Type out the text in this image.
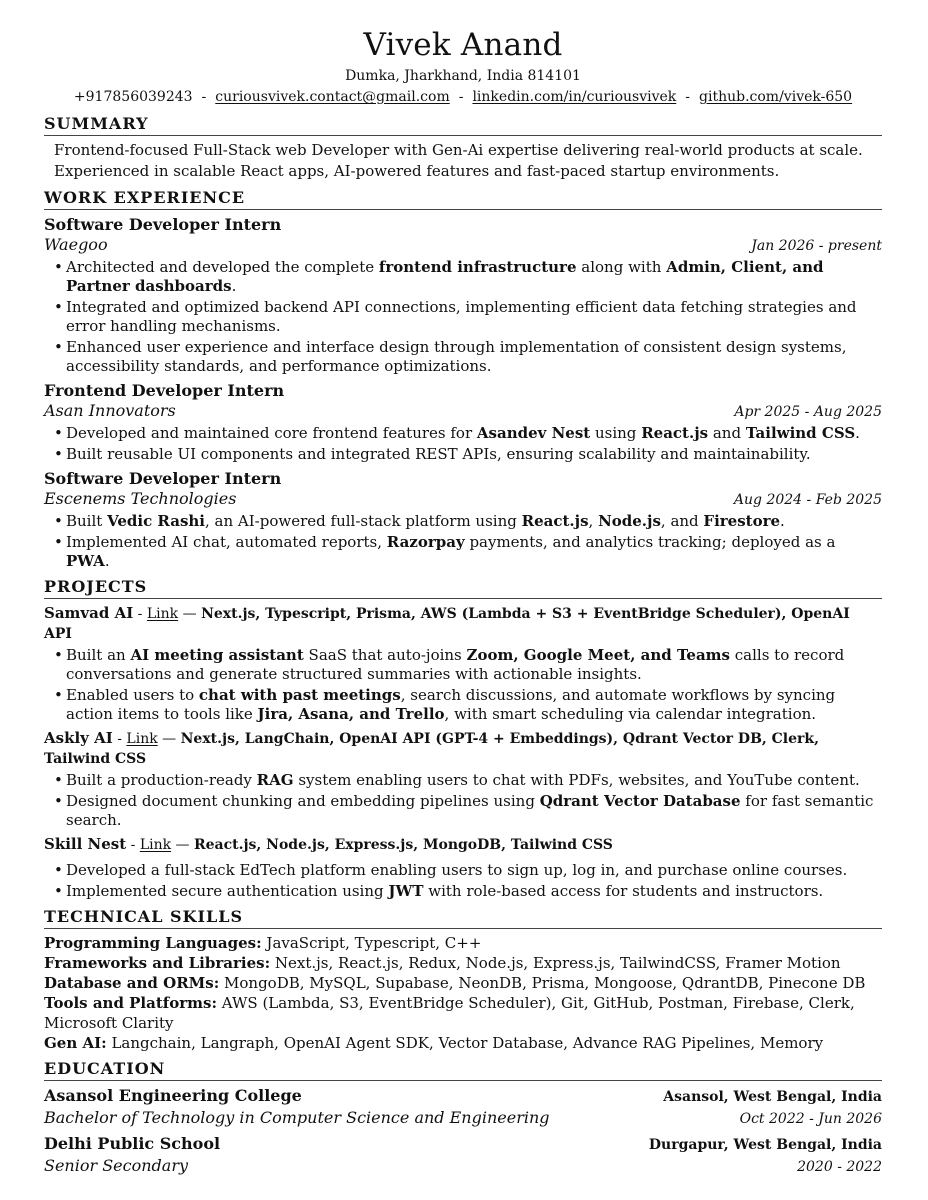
Vivek Anand
Dumka, Jharkhand, India 814101
+917856039243 - curiousvivek.contact@gmail.com - linkedin.com/in/curiousvivek - github.com/vivek-650
SUMMARY
Frontend-focused Full-Stack web Developer with Gen-Ai expertise delivering real-world products at scale.
Experienced in scalable React apps, AI-powered features and fast-paced startup environments.
WORK EXPERIENCE
Software Developer Intern
Waegoo	Jan 2026 - present
• Architected and developed the complete frontend infrastructure along with Admin, Client, and Partner dashboards.
• Integrated and optimized backend API connections, implementing efficient data fetching strategies and error handling mechanisms.
• Enhanced user experience and interface design through implementation of consistent design systems, accessibility standards, and performance optimizations.
Frontend Developer Intern
Asan Innovators	Apr 2025 - Aug 2025
• Developed and maintained core frontend features for Asandev Nest using React.js and Tailwind CSS.
• Built reusable UI components and integrated REST APIs, ensuring scalability and maintainability.
Software Developer Intern
Escenems Technologies	Aug 2024 - Feb 2025
• Built Vedic Rashi, an AI-powered full-stack platform using React.js, Node.js, and Firestore.
• Implemented AI chat, automated reports, Razorpay payments, and analytics tracking; deployed as a PWA.
PROJECTS
Samvad AI - Link — Next.js, Typescript, Prisma, AWS (Lambda + S3 + EventBridge Scheduler), OpenAI API
• Built an AI meeting assistant SaaS that auto-joins Zoom, Google Meet, and Teams calls to record conversations and generate structured summaries with actionable insights.
• Enabled users to chat with past meetings, search discussions, and automate workflows by syncing action items to tools like Jira, Asana, and Trello, with smart scheduling via calendar integration.
Askly AI - Link — Next.js, LangChain, OpenAI API (GPT-4 + Embeddings), Qdrant Vector DB, Clerk, Tailwind CSS
• Built a production-ready RAG system enabling users to chat with PDFs, websites, and YouTube content.
• Designed document chunking and embedding pipelines using Qdrant Vector Database for fast semantic search.
Skill Nest - Link — React.js, Node.js, Express.js, MongoDB, Tailwind CSS
• Developed a full-stack EdTech platform enabling users to sign up, log in, and purchase online courses.
• Implemented secure authentication using JWT with role-based access for students and instructors.
TECHNICAL SKILLS
Programming Languages: JavaScript, Typescript, C++
Frameworks and Libraries: Next.js, React.js, Redux, Node.js, Express.js, TailwindCSS, Framer Motion
Database and ORMs: MongoDB, MySQL, Supabase, NeonDB, Prisma, Mongoose, QdrantDB, Pinecone DB
Tools and Platforms: AWS (Lambda, S3, EventBridge Scheduler), Git, GitHub, Postman, Firebase, Clerk, Microsoft Clarity
Gen AI: Langchain, Langraph, OpenAI Agent SDK, Vector Database, Advance RAG Pipelines, Memory
EDUCATION
Asansol Engineering College	Asansol, West Bengal, India
Bachelor of Technology in Computer Science and Engineering	Oct 2022 - Jun 2026
Delhi Public School	Durgapur, West Bengal, India
Senior Secondary	2020 - 2022
